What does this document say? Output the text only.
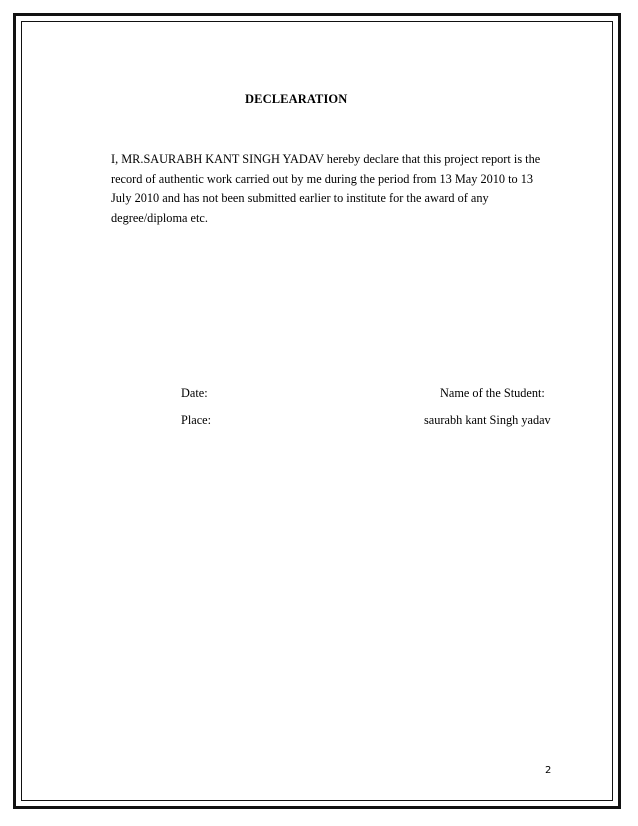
DECLEARATION
I, MR.SAURABH KANT SINGH YADAV hereby declare that this project report is the
record of authentic work carried out by me during the period from 13 May 2010 to 13
July 2010 and has not been submitted earlier to institute for the award of any
degree/diploma etc.
Date:
Place:
Name of the Student:
saurabh kant Singh yadav
2
